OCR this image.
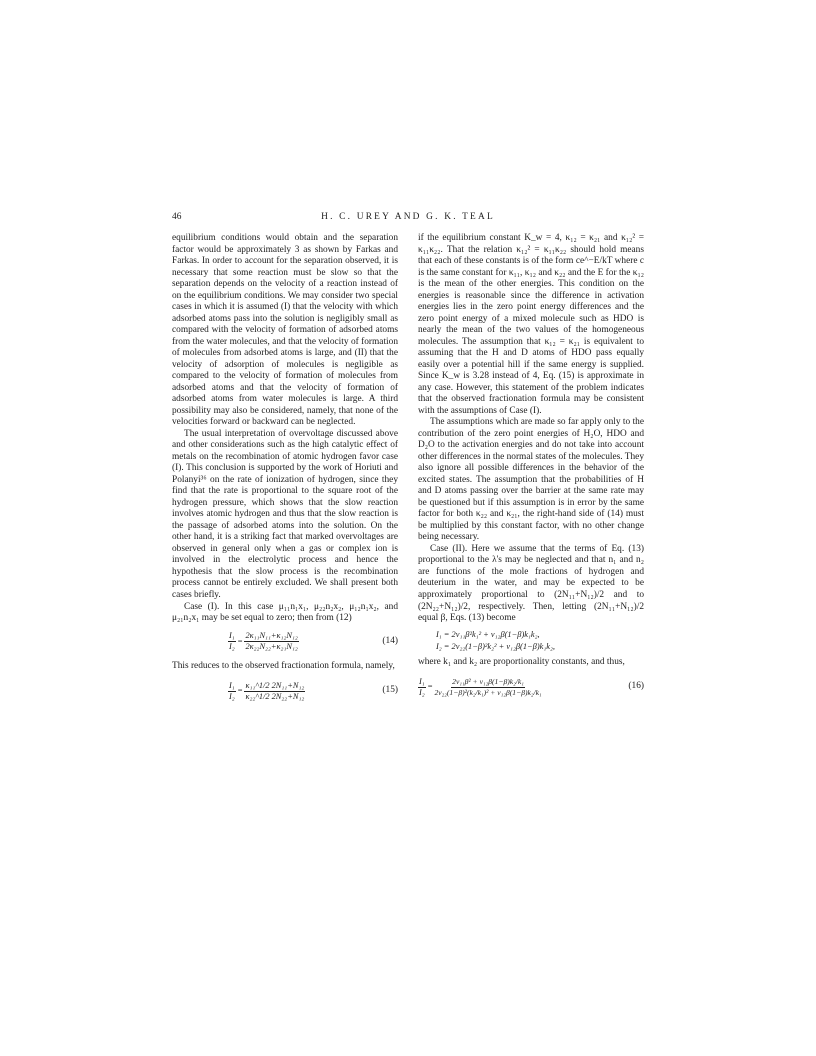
46	H. C. UREY AND G. K. TEAL

equilibrium conditions would obtain and the separation factor would be approximately 3 as shown by Farkas and Farkas. In order to account for the separation observed, it is necessary that some reaction must be slow so that the separation depends on the velocity of a reaction instead of on the equilibrium conditions. We may consider two special cases in which it is assumed (I) that the velocity with which adsorbed atoms pass into the solution is negligibly small as compared with the velocity of formation of adsorbed atoms from the water molecules, and that the velocity of formation of molecules from adsorbed atoms is large, and (II) that the velocity of adsorption of molecules is negligible as compared to the velocity of formation of molecules from adsorbed atoms and that the velocity of formation of adsorbed atoms from water molecules is large. A third possibility may also be considered, namely, that none of the velocities forward or backward can be neglected.

The usual interpretation of overvoltage discussed above and other considerations such as the high catalytic effect of metals on the recombination of atomic hydrogen favor case (I). This conclusion is supported by the work of Horiuti and Polanyi³⁶ on the rate of ionization of hydrogen, since they find that the rate is proportional to the square root of the hydrogen pressure, which shows that the slow reaction involves atomic hydrogen and thus that the slow reaction is the passage of adsorbed atoms into the solution. On the other hand, it is a striking fact that marked overvoltages are observed in general only when a gas or complex ion is involved in the electrolytic process and hence the hypothesis that the slow process is the recombination process cannot be entirely excluded. We shall present both cases briefly.

Case (I). In this case μ₁₁n₁x₁, μ₂₂n₂x₂, μ₁₂n₁x₂, and μ₂₁n₂x₁ may be set equal to zero; then from (12)

$\frac{\text{I₁}}{\text{I₂}} = \frac{\text{2κ₁₁N₁₁+κ₁₂N₁₂}}{\text{2κ₂₂N₂₂+κ₂₁N₁₂}}$	(14)

This reduces to the observed fractionation formula, namely,

$\frac{\text{I₁}}{\text{I₂}} = \frac{\text{κ₁₁\textasciicircum{}1/2 2N₁₁+N₁₂}}{\text{κ₂₂\textasciicircum{}1/2 2N₂₂+N₁₂}}$	(15)

if the equilibrium constant K_w = 4, κ₁₂ = κ₂₁ and κ₁₂² = κ₁₁κ₂₂. That the relation κ₁₂² = κ₁₁κ₂₂ should hold means that each of these constants is of the form ce^−E/kT where c is the same constant for κ₁₁, κ₁₂ and κ₂₂ and the E for the κ₁₂ is the mean of the other energies. This condition on the energies is reasonable since the difference in activation energies lies in the zero point energy differences and the zero point energy of a mixed molecule such as HDO is nearly the mean of the two values of the homogeneous molecules. The assumption that κ₁₂ = κ₂₁ is equivalent to assuming that the H and D atoms of HDO pass equally easily over a potential hill if the same energy is supplied. Since K_w is 3.28 instead of 4, Eq. (15) is approximate in any case. However, this statement of the problem indicates that the observed fractionation formula may be consistent with the assumptions of Case (I).

The assumptions which are made so far apply only to the contribution of the zero point energies of H₂O, HDO and D₂O to the activation energies and do not take into account other differences in the normal states of the molecules. They also ignore all possible differences in the behavior of the excited states. The assumption that the probabilities of H and D atoms passing over the barrier at the same rate may be questioned but if this assumption is in error by the same factor for both κ₂₂ and κ₂₁, the right-hand side of (14) must be multiplied by this constant factor, with no other change being necessary.

Case (II). Here we assume that the terms of Eq. (13) proportional to the λ's may be neglected and that n₁ and n₂ are functions of the mole fractions of hydrogen and deuterium in the water, and may be expected to be approximately proportional to (2N₁₁+N₁₂)/2 and to (2N₂₂+N₁₂)/2, respectively. Then, letting (2N₁₁+N₁₂)/2 equal β, Eqs. (13) become

I₁ = 2ν₁₁β²k₁² + ν₁₂β(1−β)k₁k₂,
I₂ = 2ν₂₂(1−β)²k₂² + ν₁₂β(1−β)k₁k₂,

where k₁ and k₂ are proportionality constants, and thus,

$\frac{\text{I₁}}{\text{I₂}} = \frac{\text{2ν₁₁β² + ν₁₂β(1−β)k₂/k₁}}{\text{2ν₂₂(1−β)²(k₂/k₁)² + ν₁₂β(1−β)k₂/k₁}}$	(16)
